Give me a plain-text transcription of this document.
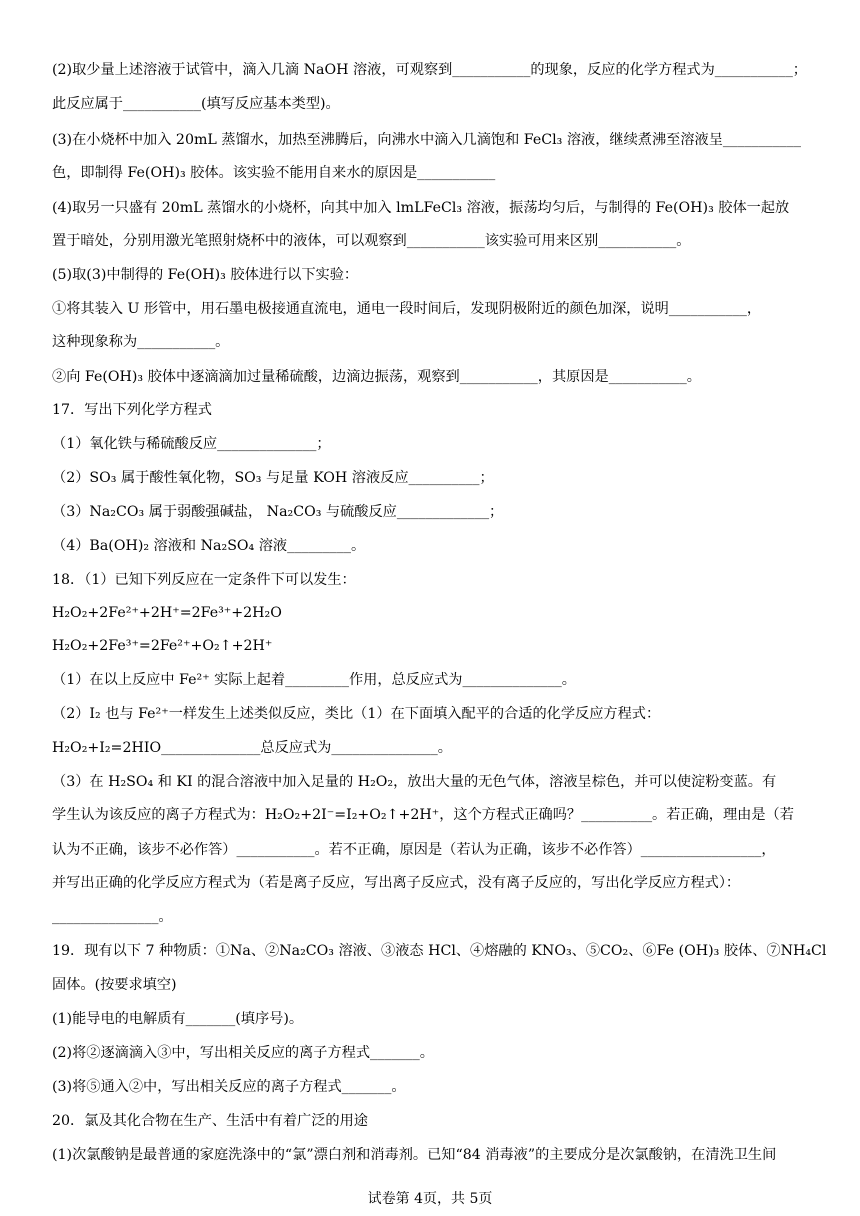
(2)取少量上述溶液于试管中，滴入几滴 NaOH 溶液，可观察到___________的现象，反应的化学方程式为___________；
此反应属于___________(填写反应基本类型)。
(3)在小烧杯中加入 20mL 蒸馏水，加热至沸腾后，向沸水中滴入几滴饱和 FeCl₃ 溶液，继续煮沸至溶液呈___________
色，即制得 Fe(OH)₃ 胶体。该实验不能用自来水的原因是___________
(4)取另一只盛有 20mL 蒸馏水的小烧杯，向其中加入 lmLFeCl₃ 溶液，振荡均匀后，与制得的 Fe(OH)₃ 胶体一起放
置于暗处，分别用激光笔照射烧杯中的液体，可以观察到___________该实验可用来区别___________。
(5)取(3)中制得的 Fe(OH)₃ 胶体进行以下实验：
①将其装入 U 形管中，用石墨电极接通直流电，通电一段时间后，发现阴极附近的颜色加深，说明___________，
这种现象称为___________。
②向 Fe(OH)₃ 胶体中逐滴滴加过量稀硫酸，边滴边振荡，观察到___________，其原因是___________。
17．写出下列化学方程式
（1）氧化铁与稀硫酸反应______________；
（2）SO₃ 属于酸性氧化物，SO₃ 与足量 KOH 溶液反应__________；
（3）Na₂CO₃ 属于弱酸强碱盐， Na₂CO₃ 与硫酸反应_____________；
（4）Ba(OH)₂ 溶液和 Na₂SO₄ 溶液_________。
18．（1）已知下列反应在一定条件下可以发生：
H₂O₂+2Fe²⁺+2H⁺=2Fe³⁺+2H₂O
H₂O₂+2Fe³⁺=2Fe²⁺+O₂↑+2H⁺
（1）在以上反应中 Fe²⁺ 实际上起着_________作用，总反应式为______________。
（2）I₂ 也与 Fe²⁺一样发生上述类似反应，类比（1）在下面填入配平的合适的化学反应方程式：
H₂O₂+I₂=2HIO______________总反应式为_______________。
（3）在 H₂SO₄ 和 KI 的混合溶液中加入足量的 H₂O₂，放出大量的无色气体，溶液呈棕色，并可以使淀粉变蓝。有
学生认为该反应的离子方程式为：H₂O₂+2I⁻=I₂+O₂↑+2H⁺，这个方程式正确吗？__________。若正确，理由是（若
认为不正确，该步不必作答）___________。若不正确，原因是（若认为正确，该步不必作答）_________________，
并写出正确的化学反应方程式为（若是离子反应，写出离子反应式，没有离子反应的，写出化学反应方程式）：
_______________。
19．现有以下 7 种物质：①Na、②Na₂CO₃ 溶液、③液态 HCl、④熔融的 KNO₃、⑤CO₂、⑥Fe (OH)₃ 胶体、⑦NH₄Cl
固体。(按要求填空)
(1)能导电的电解质有_______(填序号)。
(2)将②逐滴滴入③中，写出相关反应的离子方程式_______。
(3)将⑤通入②中，写出相关反应的离子方程式_______。
20．氯及其化合物在生产、生活中有着广泛的用途
(1)次氯酸钠是最普通的家庭洗涤中的“氯”漂白剂和消毒剂。已知“84 消毒液”的主要成分是次氯酸钠，在清洗卫生间
试卷第 4页，共 5页
